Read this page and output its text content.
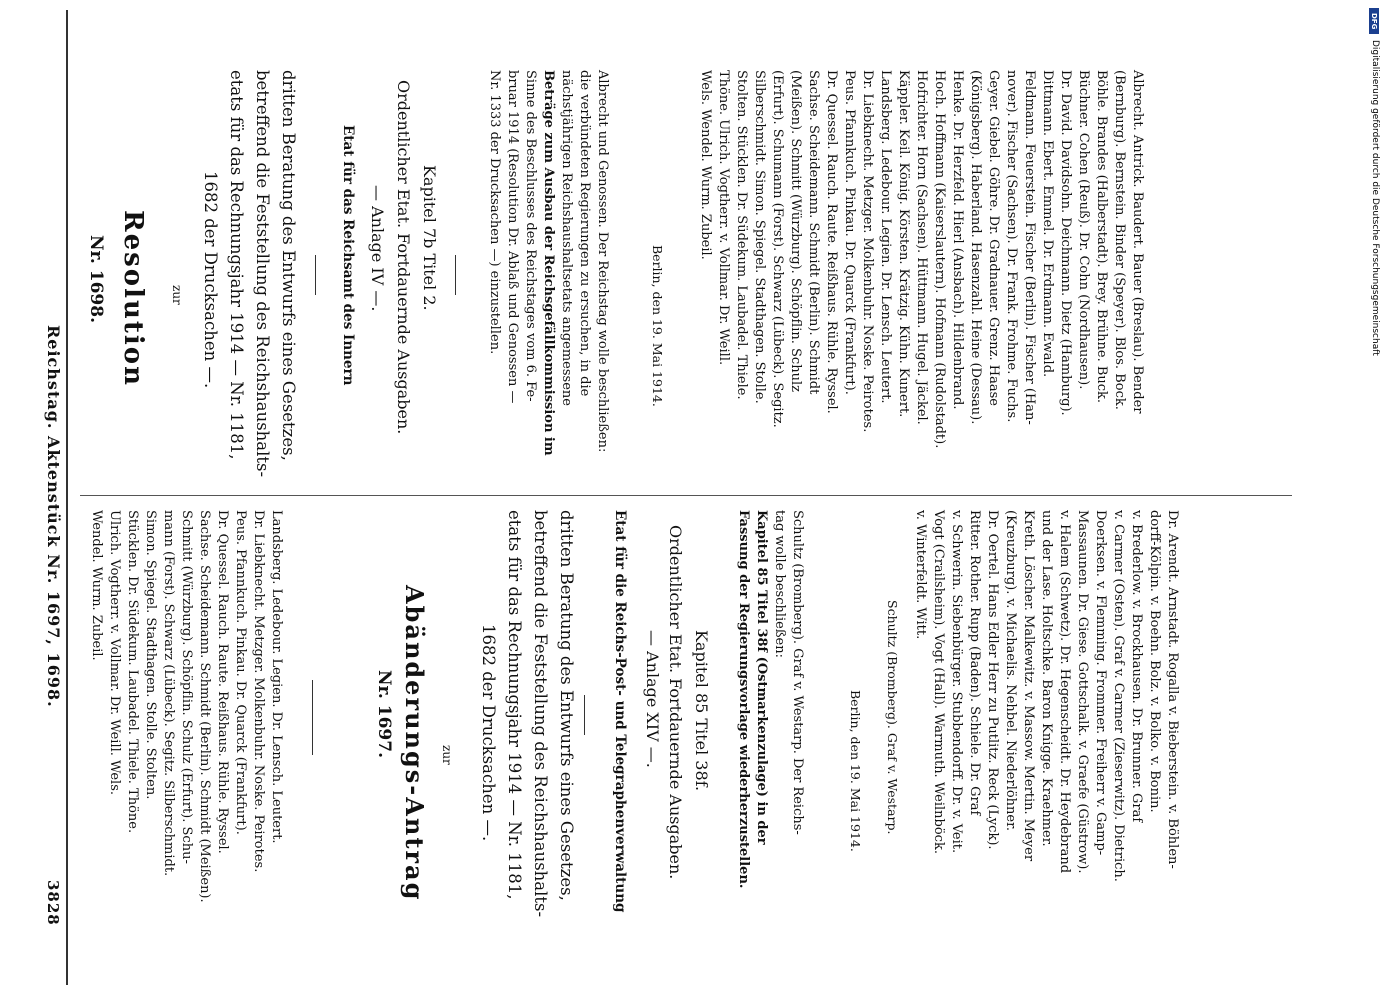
3828
Reichstag. Aktenstück Nr. 1697, 1698.	Landsberg. Ledebour. Legien. Dr. Lensch. Leutert.

Dr. Liebknecht. Metzger. Molkenbuhr. Noske. Peirotes.

Peus. Pfannkuch. Pinkau. Dr. Quarck (Frankfurt).

Dr. Quessel. Rauch. Raute. Reißhaus. Rühle. Ryssel.

Sachse. Scheidemann. Schmidt (Berlin). Schmidt (Meißen).

Schmitt (Würzburg). Schöpflin. Schulz (Erfurt). Schu-

mann (Forst). Schwarz (Lübeck). Segitz. Silberschmidt.

Simon. Spiegel. Stadthagen. Stolle. Stolten.

Stücklen. Dr. Südekum. Laubadel. Thiele. Thöne.

Ulrich. Vogtherr. v. Vollmar. Dr. Weill. Wels.

Wendel. Wurm. Zubeil.

Nr. 1697. Abänderungs-Antrag zur	dritten Beratung des Entwurfs eines Gesetzes,

betreffend die Feststellung des Reichshaushalts-

etats für das Rechnungsjahr 1914 — Nr. 1181,

1682 der Drucksachen —.	Etat für die Reichs-Post- und Telegraphenverwaltung — Anlage XIV —. Ordentlicher Etat. Fortdauernde Ausgaben. Kapitel 85 Titel 38f.	Schultz (Bromberg). Graf v. Westarp. Der Reichs-

tag wolle beschließen:

Kapitel 85 Titel 38f (Ostmarkenzulage) in der

Fassung der Regierungsvorlage wiederherzustellen.	Berlin, den 19. Mai 1914. Schultz (Bromberg). Graf v. Westarp.	Dr. Arendt. Arnstadt. Rogalla v. Bieberstein. v. Böhlen-

dorff-Kölpin. v. Boehn. Bolz. v. Bolko. v. Bonin.

v. Brederlow. v. Brockhausen. Dr. Brunner. Graf

v. Carmer (Osten). Graf v. Carmer (Zieserwitz). Dietrich.

Doerksen. v. Flemming. Frommer. Freiherr v. Gamp-

Massaunen. Dr. Giese. Gottschalk. v. Graefe (Güstrow).

v. Halem (Schwetz). Dr. Hegenscheidt. Dr. Heydebrand

und der Lase. Holtschke. Baron Knigge. Kraehmer.

Kreth. Löscher. Malkewitz. v. Massow. Mertin. Meyer

(Kreuzburg). v. Michaelis. Nehbel. Niederlöhner.

Dr. Oertel. Hans Edler Herr zu Putlitz. Reck (Lyck).

Ritter. Rother. Rupp (Baden). Schiele. Dr. Graf

v. Schwerin. Siebenbürger. Stubbendorff. Dr. v. Veit.

Vogt (Crailsheim). Vogt (Hall). Warmuth. Weilnböck.

v. Winterfeldt. Witt.

Nr. 1698. Resolution zur	dritten Beratung des Entwurfs eines Gesetzes,

betreffend die Feststellung des Reichshaushalts-

etats für das Rechnungsjahr 1914 — Nr. 1181,

1682 der Drucksachen —.	Etat für das Reichsamt des Innern — Anlage IV —. Ordentlicher Etat. Fortdauernde Ausgaben. Kapitel 7b Titel 2.	Albrecht und Genossen. Der Reichstag wolle beschließen:

die verbündeten Regierungen zu ersuchen, in die

nächstjährigen Reichshaushaltsetats angemessene

Beträge zum Ausbau der Reichsgefällkommission im

Sinne des Beschlusses des Reichstages vom 6. Fe-

bruar 1914 (Resolution Dr. Ablaß und Genossen —

Nr. 1333 der Drucksachen —) einzustellen.	Berlin, den 19. Mai 1914.	Albrecht. Antrick. Baudert. Bauer (Breslau). Bender

(Bernburg). Bernstein. Binder (Speyer). Blos. Bock.

Böhle. Brandes (Halberstadt). Brey. Brühne. Buck.

Büchner. Cohen (Reuß). Dr. Cohn (Nordhausen).

Dr. David. Davidsohn. Deichmann. Dietz (Hamburg).

Dittmann. Ebert. Emmel. Dr. Erdmann. Ewald.

Feldmann. Feuerstein. Fischer (Berlin). Fischer (Han-

nover). Fischer (Sachsen). Dr. Frank. Frohme. Fuchs.

Geyer. Giebel. Göhre. Dr. Gradnauer. Grenz. Haase

(Königsberg). Haberland. Hasenzahl. Heine (Dessau).

Henke. Dr. Herzfeld. Hierl (Ansbach). Hildenbrand.

Hoch. Hoffmann (Kaiserslautern). Hofmann (Rudolstadt).

Hofrichter. Horn (Sachsen). Hüttmann. Hugel. Jäckel.

Käppler. Keil. König. Körsten. Krätzig. Kühn. Kunert.

Landsberg. Ledebour. Legien. Dr. Lensch. Leutert.

Dr. Liebknecht. Metzger. Molkenbuhr. Noske. Peirotes.

Peus. Pfannkuch. Pinkau. Dr. Quarck (Frankfurt).

Dr. Quessel. Rauch. Raute. Reißhaus. Rühle. Ryssel.

Sachse. Scheidemann. Schmidt (Berlin). Schmidt

(Meißen). Schmitt (Würzburg). Schöpflin. Schulz

(Erfurt). Schumann (Forst). Schwarz (Lübeck). Segitz.

Silberschmidt. Simon. Spiegel. Stadthagen. Stolle.

Stolten. Stücklen. Dr. Südekum. Laubadel. Thiele.

Thöne. Ulrich. Vogtherr. v. Vollmar. Dr. Weill.

Wels. Wendel. Wurm. Zubeil.

DFG
Digitalisierung gefördert durch die Deutsche Forschungsgemeinschaft
